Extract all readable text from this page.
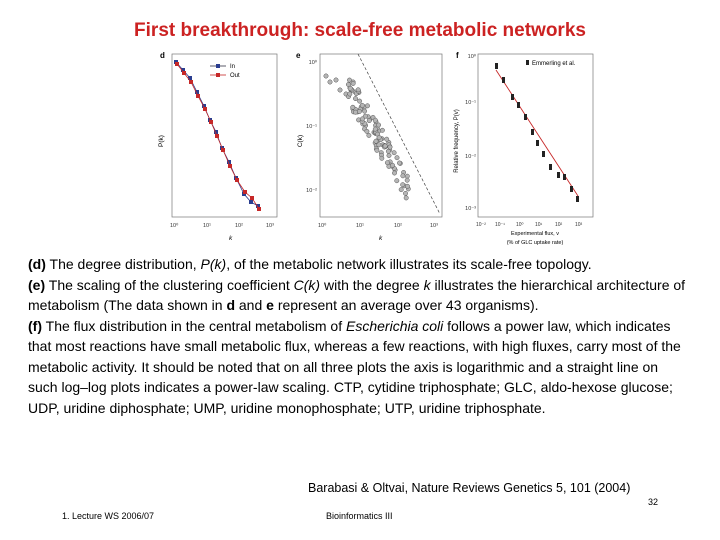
First breakthrough: scale-free metabolic networks
d
P(k)
k
10⁰	10¹	10²	10³
In
Out
e
C(k)
k
10⁰
10⁻¹
10⁻²
10⁰	10¹	10²	10³
f
Relative frequency, P(v)
Experimental flux, v
(% of GLC uptake rate)
10⁰
10⁻¹
10⁻²
10⁻³
10⁻² 10⁻¹ 10⁰ 10¹	10²	10³
Emmerling et al.

(d) The degree distribution, P(k), of the metabolic network illustrates its scale-free topology.

(e) The scaling of the clustering coefficient C(k) with the degree k illustrates the hierarchical architecture of metabolism (The data shown in d and e represent an average over 43 organisms).

(f) The flux distribution in the central metabolism of Escherichia coli follows a power law, which indicates that most reactions have small metabolic flux, whereas a few reactions, with high fluxes, carry most of the metabolic activity. It should be noted that on all three plots the axis is logarithmic and a straight line on such log–log plots indicates a power-law scaling. CTP, cytidine triphosphate; GLC, aldo-hexose glucose; UDP, uridine diphosphate; UMP, uridine monophosphate; UTP, uridine triphosphate.

Barabasi & Oltvai, Nature Reviews Genetics 5, 101 (2004)
32
1. Lecture WS 2006/07	Bioinformatics III
